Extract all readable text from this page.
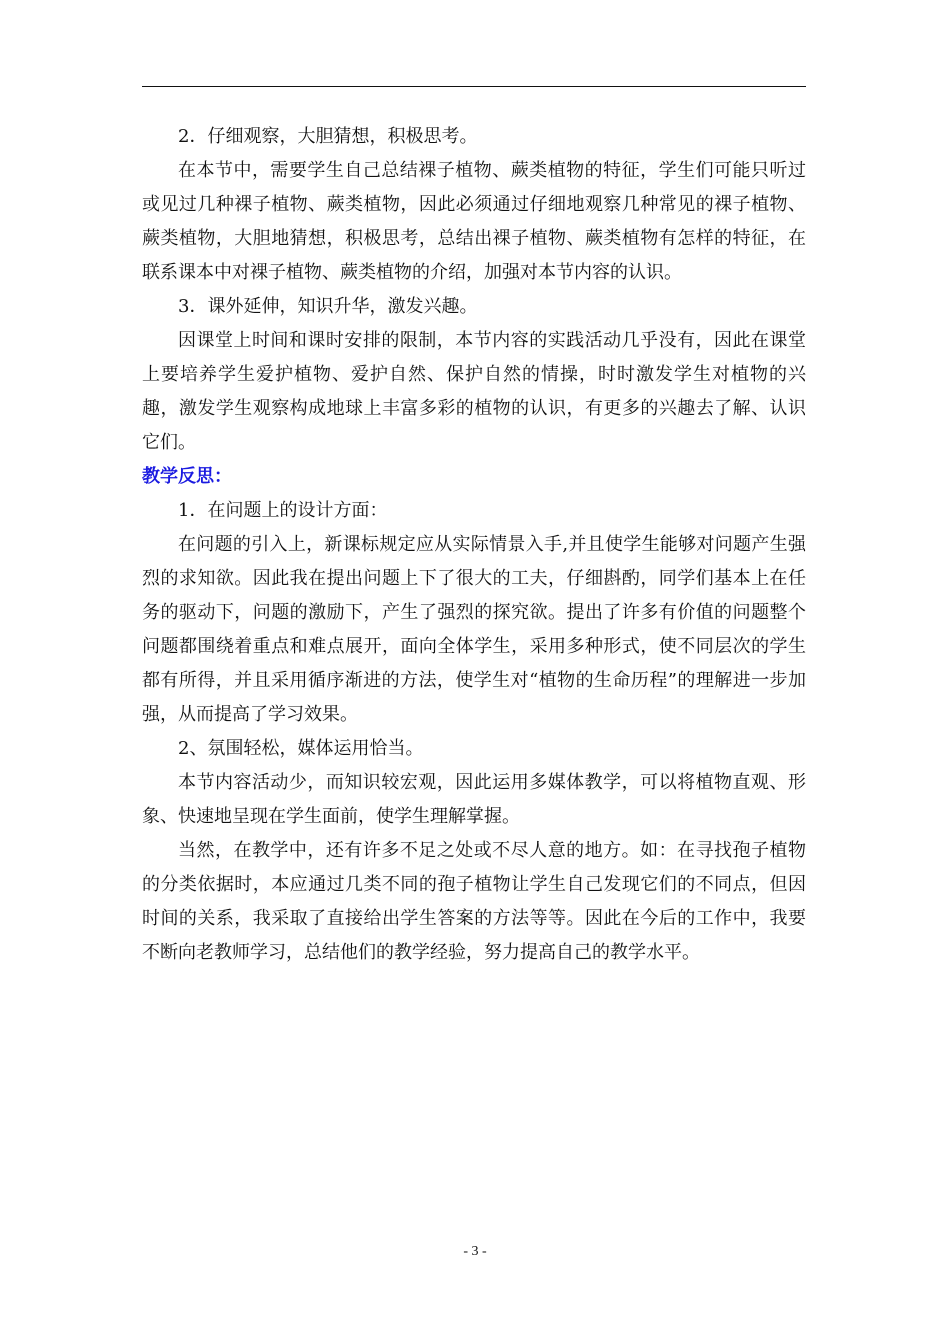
2．仔细观察，大胆猜想，积极思考。

在本节中，需要学生自己总结裸子植物、蕨类植物的特征，学生们可能只听过或见过几种裸子植物、蕨类植物，因此必须通过仔细地观察几种常见的裸子植物、蕨类植物，大胆地猜想，积极思考，总结出裸子植物、蕨类植物有怎样的特征，在联系课本中对裸子植物、蕨类植物的介绍，加强对本节内容的认识。

3．课外延伸，知识升华，激发兴趣。

因课堂上时间和课时安排的限制，本节内容的实践活动几乎没有，因此在课堂上要培养学生爱护植物、爱护自然、保护自然的情操，时时激发学生对植物的兴趣，激发学生观察构成地球上丰富多彩的植物的认识，有更多的兴趣去了解、认识它们。

教学反思：

1．在问题上的设计方面：

在问题的引入上，新课标规定应从实际情景入手,并且使学生能够对问题产生强烈的求知欲。因此我在提出问题上下了很大的工夫，仔细斟酌，同学们基本上在任务的驱动下，问题的激励下，产生了强烈的探究欲。提出了许多有价值的问题整个问题都围绕着重点和难点展开，面向全体学生，采用多种形式，使不同层次的学生都有所得，并且采用循序渐进的方法，使学生对“植物的生命历程”的理解进一步加强，从而提高了学习效果。

2、氛围轻松，媒体运用恰当。

本节内容活动少，而知识较宏观，因此运用多媒体教学，可以将植物直观、形象、快速地呈现在学生面前，使学生理解掌握。

当然，在教学中，还有许多不足之处或不尽人意的地方。如：在寻找孢子植物的分类依据时，本应通过几类不同的孢子植物让学生自己发现它们的不同点，但因时间的关系，我采取了直接给出学生答案的方法等等。因此在今后的工作中，我要不断向老教师学习，总结他们的教学经验，努力提高自己的教学水平。

- 3 -
